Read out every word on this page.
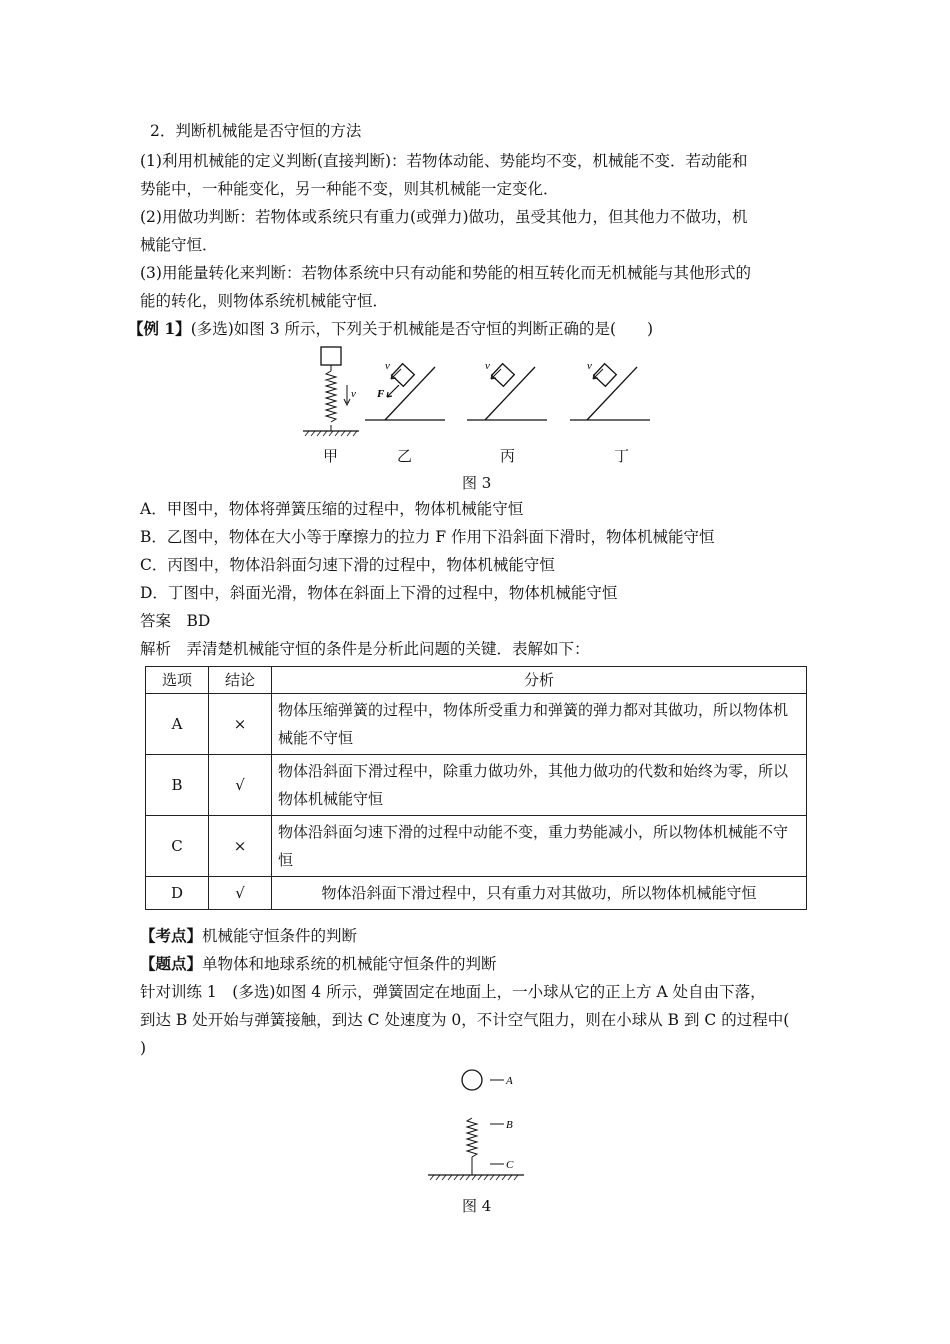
2．判断机械能是否守恒的方法
(1)利用机械能的定义判断(直接判断)：若物体动能、势能均不变，机械能不变．若动能和
势能中，一种能变化，另一种能不变，则其机械能一定变化．
(2)用做功判断：若物体或系统只有重力(或弹力)做功，虽受其他力，但其他力不做功，机
械能守恒．
(3)用能量转化来判断：若物体系统中只有动能和势能的相互转化而无机械能与其他形式的
能的转化，则物体系统机械能守恒．
【例 1】(多选)如图 3 所示，下列关于机械能是否守恒的判断正确的是(　　)
v
v
F
v	v
甲	乙	丙	丁
图 3
A．甲图中，物体将弹簧压缩的过程中，物体机械能守恒
B．乙图中，物体在大小等于摩擦力的拉力 F 作用下沿斜面下滑时，物体机械能守恒
C．丙图中，物体沿斜面匀速下滑的过程中，物体机械能守恒
D．丁图中，斜面光滑，物体在斜面上下滑的过程中，物体机械能守恒
答案　BD
解析　弄清楚机械能守恒的条件是分析此问题的关键．表解如下：
选项	结论	分析
A	×	物体压缩弹簧的过程中，物体所受重力和弹簧的弹力都对其做功，所以物体机械能不守恒
B	√	物体沿斜面下滑过程中，除重力做功外，其他力做功的代数和始终为零，所以物体机械能守恒
C	×	物体沿斜面匀速下滑的过程中动能不变，重力势能减小，所以物体机械能不守恒
D	√	物体沿斜面下滑过程中，只有重力对其做功，所以物体机械能守恒
【考点】机械能守恒条件的判断
【题点】单物体和地球系统的机械能守恒条件的判断
针对训练 1　(多选)如图 4 所示，弹簧固定在地面上，一小球从它的正上方 A 处自由下落，
到达 B 处开始与弹簧接触，到达 C 处速度为 0，不计空气阻力，则在小球从 B 到 C 的过程中(
)
A
B
C
图 4
